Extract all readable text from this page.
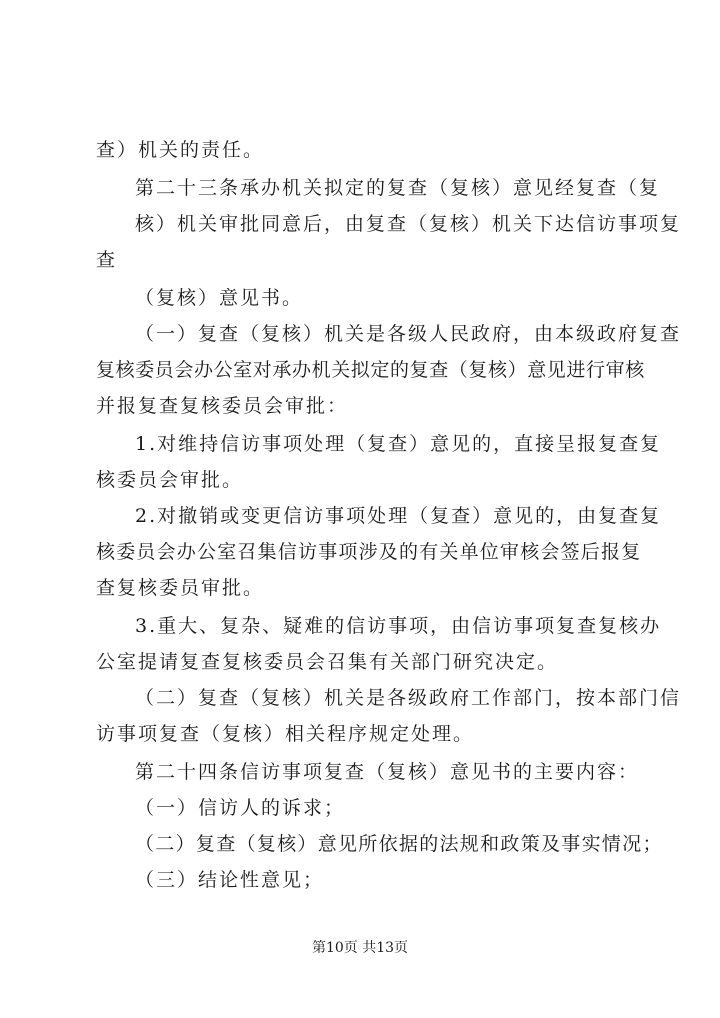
查）机关的责任。
第二十三条承办机关拟定的复查（复核）意见经复查（复
核）机关审批同意后，由复查（复核）机关下达信访事项复
查
（复核）意见书。
（一）复查（复核）机关是各级人民政府，由本级政府复查
复核委员会办公室对承办机关拟定的复查（复核）意见进行审核
并报复查复核委员会审批：
1.对维持信访事项处理（复查）意见的，直接呈报复查复
核委员会审批。
2.对撤销或变更信访事项处理（复查）意见的，由复查复
核委员会办公室召集信访事项涉及的有关单位审核会签后报复
查复核委员审批。
3.重大、复杂、疑难的信访事项，由信访事项复查复核办
公室提请复查复核委员会召集有关部门研究决定。
（二）复查（复核）机关是各级政府工作部门，按本部门信
访事项复查（复核）相关程序规定处理。
第二十四条信访事项复查（复核）意见书的主要内容：
（一）信访人的诉求；
（二）复查（复核）意见所依据的法规和政策及事实情况；
（三）结论性意见；
第10页 共13页
